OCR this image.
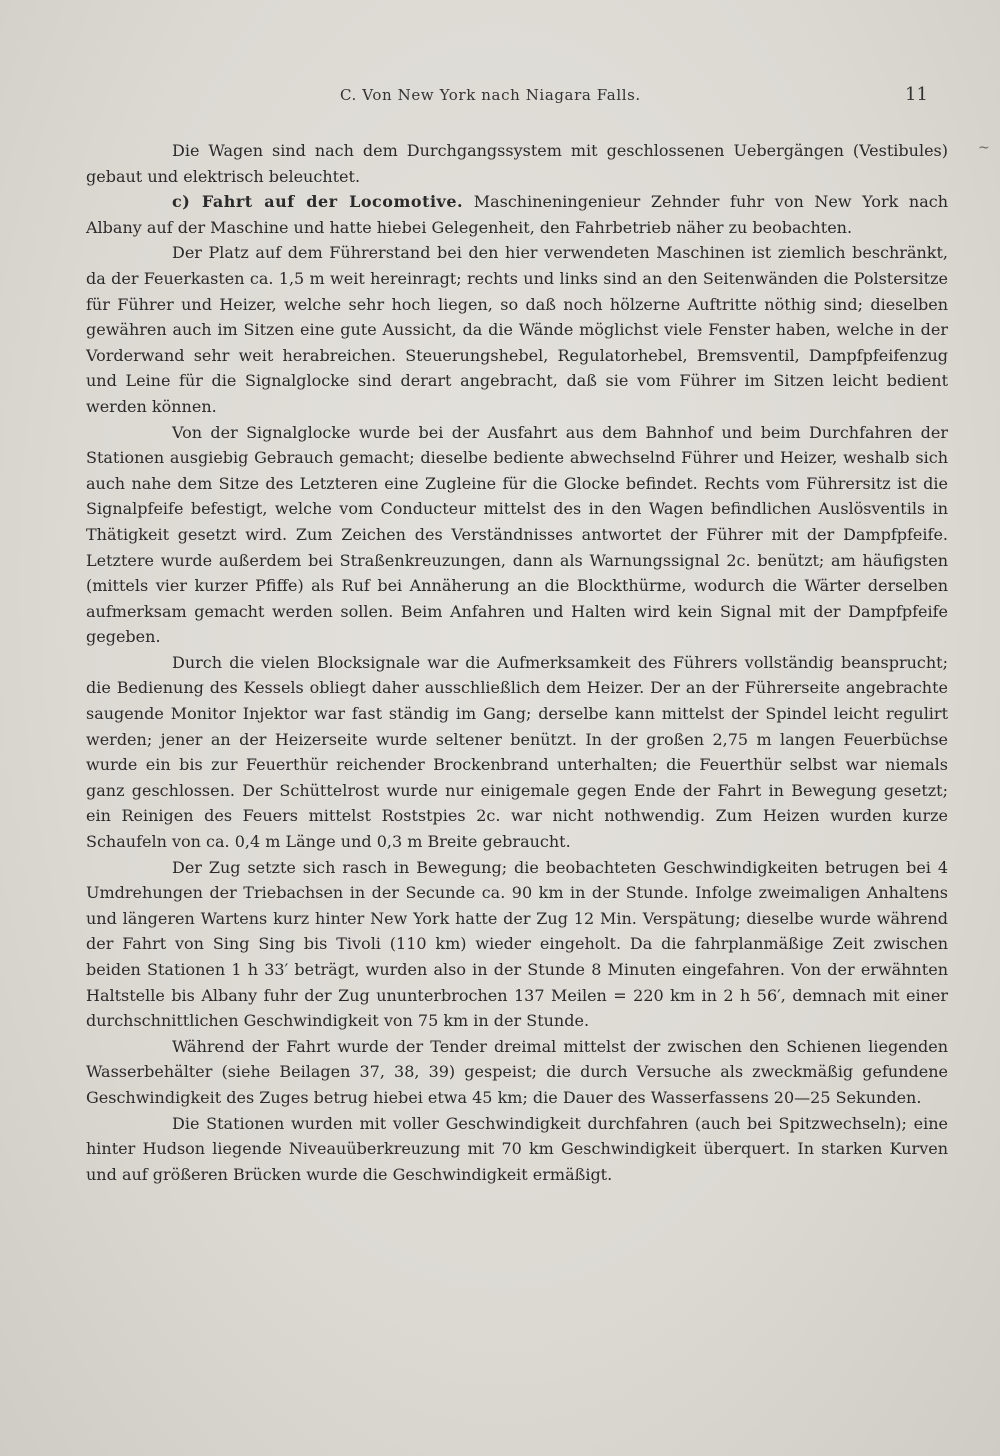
C. Von New York nach Niagara Falls.	11
~

Die Wagen sind nach dem Durchgangssystem mit geschlossenen Uebergängen (Vestibules) gebaut und elektrisch beleuchtet.

c) Fahrt auf der Locomotive. Maschineningenieur Zehnder fuhr von New York nach Albany auf der Maschine und hatte hiebei Gelegenheit, den Fahrbetrieb näher zu beobachten.

Der Platz auf dem Führerstand bei den hier verwendeten Maschinen ist ziemlich beschränkt, da der Feuerkasten ca. 1,5 m weit hereinragt; rechts und links sind an den Seitenwänden die Polstersitze für Führer und Heizer, welche sehr hoch liegen, so daß noch hölzerne Auftritte nöthig sind; dieselben gewähren auch im Sitzen eine gute Aussicht, da die Wände möglichst viele Fenster haben, welche in der Vorderwand sehr weit herabreichen. Steuerungshebel, Regulatorhebel, Bremsventil, Dampfpfeifenzug und Leine für die Signalglocke sind derart angebracht, daß sie vom Führer im Sitzen leicht bedient werden können.

Von der Signalglocke wurde bei der Ausfahrt aus dem Bahnhof und beim Durchfahren der Stationen ausgiebig Gebrauch gemacht; dieselbe bediente abwechselnd Führer und Heizer, weshalb sich auch nahe dem Sitze des Letzteren eine Zugleine für die Glocke befindet. Rechts vom Führersitz ist die Signalpfeife befestigt, welche vom Conducteur mittelst des in den Wagen befindlichen Auslösventils in Thätigkeit gesetzt wird. Zum Zeichen des Verständnisses antwortet der Führer mit der Dampfpfeife. Letztere wurde außerdem bei Straßenkreuzungen, dann als Warnungssignal 2c. benützt; am häufigsten (mittels vier kurzer Pfiffe) als Ruf bei Annäherung an die Blockthürme, wodurch die Wärter derselben aufmerksam gemacht werden sollen. Beim Anfahren und Halten wird kein Signal mit der Dampfpfeife gegeben.

Durch die vielen Blocksignale war die Aufmerksamkeit des Führers vollständig beansprucht; die Bedienung des Kessels obliegt daher ausschließlich dem Heizer. Der an der Führerseite angebrachte saugende Monitor Injektor war fast ständig im Gang; derselbe kann mittelst der Spindel leicht regulirt werden; jener an der Heizerseite wurde seltener benützt. In der großen 2,75 m langen Feuerbüchse wurde ein bis zur Feuerthür reichender Brockenbrand unterhalten; die Feuerthür selbst war niemals ganz geschlossen. Der Schüttelrost wurde nur einigemale gegen Ende der Fahrt in Bewegung gesetzt; ein Reinigen des Feuers mittelst Roststpies 2c. war nicht nothwendig. Zum Heizen wurden kurze Schaufeln von ca. 0,4 m Länge und 0,3 m Breite gebraucht.

Der Zug setzte sich rasch in Bewegung; die beobachteten Geschwindigkeiten betrugen bei 4 Umdrehungen der Triebachsen in der Secunde ca. 90 km in der Stunde. Infolge zweimaligen Anhaltens und längeren Wartens kurz hinter New York hatte der Zug 12 Min. Verspätung; dieselbe wurde während der Fahrt von Sing Sing bis Tivoli (110 km) wieder eingeholt. Da die fahrplanmäßige Zeit zwischen beiden Stationen 1 h 33′ beträgt, wurden also in der Stunde 8 Minuten eingefahren. Von der erwähnten Haltstelle bis Albany fuhr der Zug ununterbrochen 137 Meilen = 220 km in 2 h 56′, demnach mit einer durchschnittlichen Geschwindigkeit von 75 km in der Stunde.

Während der Fahrt wurde der Tender dreimal mittelst der zwischen den Schienen liegenden Wasserbehälter (siehe Beilagen 37, 38, 39) gespeist; die durch Versuche als zweckmäßig gefundene Geschwindigkeit des Zuges betrug hiebei etwa 45 km; die Dauer des Wasserfassens 20—25 Sekunden.

Die Stationen wurden mit voller Geschwindigkeit durchfahren (auch bei Spitzwechseln); eine hinter Hudson liegende Niveauüberkreuzung mit 70 km Geschwindigkeit überquert. In starken Kurven und auf größeren Brücken wurde die Geschwindigkeit ermäßigt.
